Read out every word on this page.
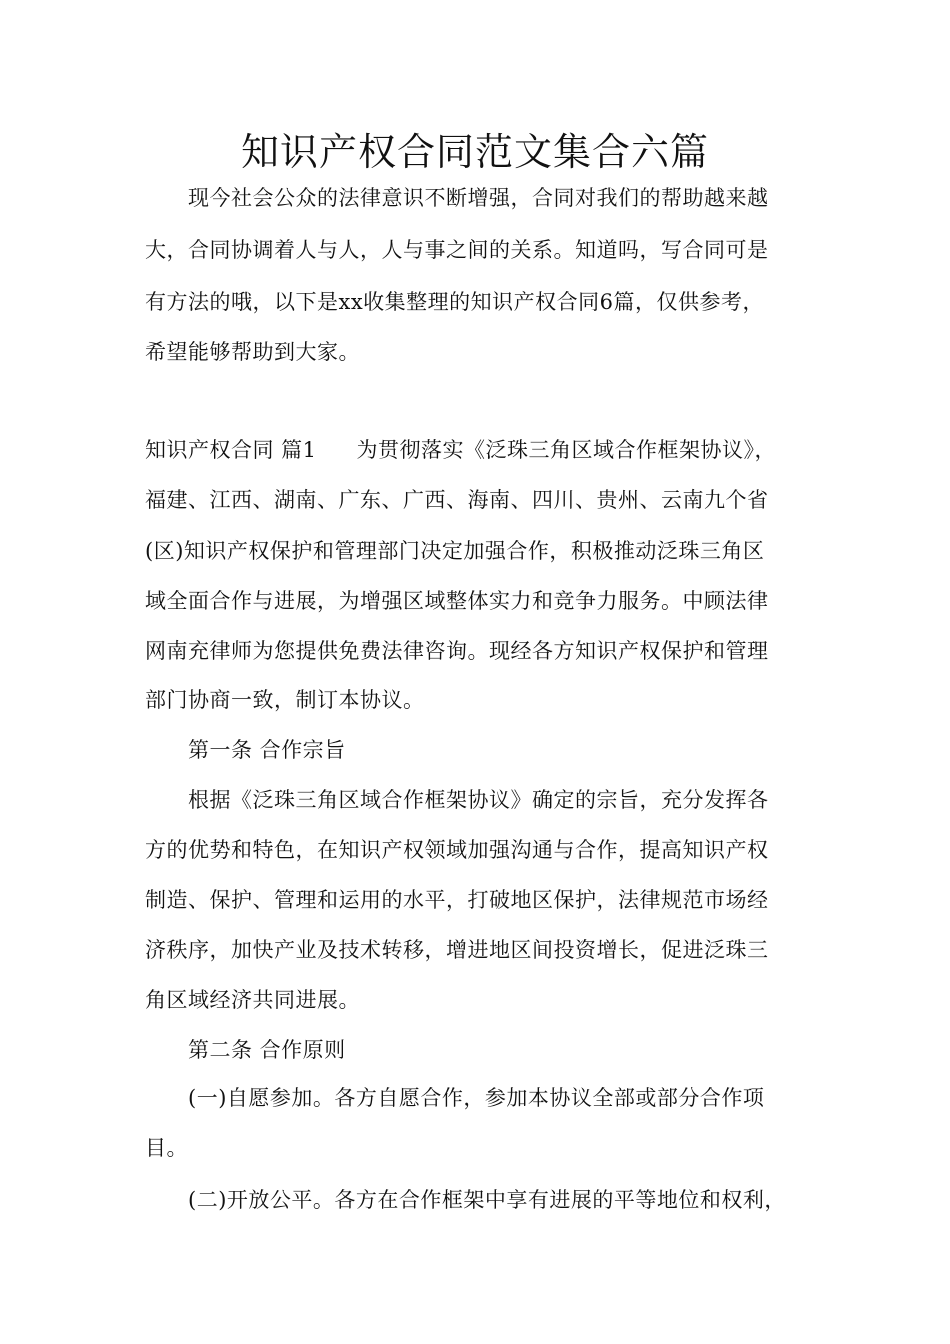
知识产权合同范文集合六篇
现今社会公众的法律意识不断增强，合同对我们的帮助越来越
大，合同协调着人与人，人与事之间的关系。知道吗，写合同可是
有方法的哦，以下是xx收集整理的知识产权合同6篇，仅供参考，
希望能够帮助到大家。
知识产权合同 篇1 为贯彻落实《泛珠三角区域合作框架协议》，
福建、江西、湖南、广东、广西、海南、四川、贵州、云南九个省
(区)知识产权保护和管理部门决定加强合作，积极推动泛珠三角区
域全面合作与进展，为增强区域整体实力和竞争力服务。中顾法律
网南充律师为您提供免费法律咨询。现经各方知识产权保护和管理
部门协商一致，制订本协议。
第一条 合作宗旨
根据《泛珠三角区域合作框架协议》确定的宗旨，充分发挥各
方的优势和特色，在知识产权领域加强沟通与合作，提高知识产权
制造、保护、管理和运用的水平，打破地区保护，法律规范市场经
济秩序，加快产业及技术转移，增进地区间投资增长，促进泛珠三
角区域经济共同进展。
第二条 合作原则
(一)自愿参加。各方自愿合作，参加本协议全部或部分合作项
目。
(二)开放公平。各方在合作框架中享有进展的平等地位和权利，
